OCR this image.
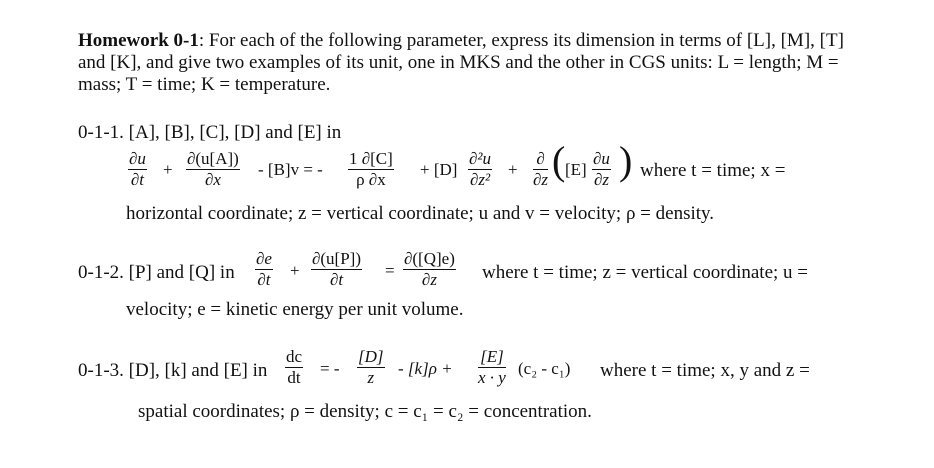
Homework 0-1: For each of the following parameter, express its dimension in terms of [L], [M], [T] and [K], and give two examples of its unit, one in MKS and the other in CGS units: L = length; M = mass; T = time; K = temperature.
0-1-1. [A], [B], [C], [D] and [E] in
$\frac{\partial u}{\partial t} + \frac{\partial(u[A])}{\partial x} - [B]v$ = - $\frac{1 \partial[C]}{\rho \partial x} + [D] \frac{\text{∂²u}}{\text{∂z²}}$ +
∂
∂z ( $[E] \frac{\partial u}{\partial z}$ ) where t = time; x =
horizontal coordinate; z = vertical coordinate; u and v = velocity; ρ = density.
0-1-2. [P] and [Q] in $\frac{\partial e}{\partial t} + \frac{\partial(u[P])}{\partial t} = \frac{\partial([Q]e)}{\partial z}$ where t = time; z = vertical coordinate; u =
velocity; e = kinetic energy per unit volume.
0-1-3. [D], [k] and [E] in $\frac{dc}{dt}$ = - $\frac{[D]}{z} - [k]\rho + \frac{[E]}{x \cdot y} (c_2 - c_1)$ where t = time; x, y and z =
spatial coordinates; ρ = density; c = c₁ = c₂ = concentration.
